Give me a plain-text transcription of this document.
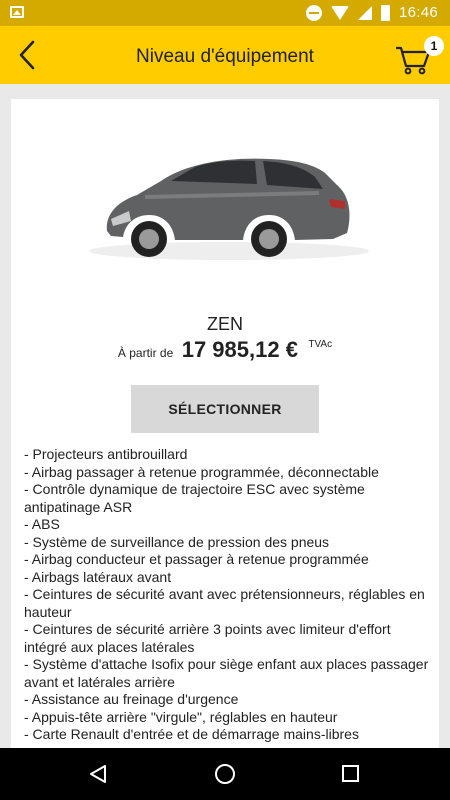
16:46
Niveau d'équipement	1
ZEN
À partir de 17 985,12 € $^{TVAc}$
SÉLECTIONNER
- Projecteurs antibrouillard
- Airbag passager à retenue programmée, déconnectable
- Contrôle dynamique de trajectoire ESC avec système antipatinage ASR
- ABS
- Système de surveillance de pression des pneus
- Airbag conducteur et passager à retenue programmée
- Airbags latéraux avant
- Ceintures de sécurité avant avec prétensionneurs, réglables en hauteur
- Ceintures de sécurité arrière 3 points avec limiteur d'effort intégré aux places latérales
- Système d'attache Isofix pour siège enfant aux places passager avant et latérales arrière
- Assistance au freinage d'urgence
- Appuis-tête arrière "virgule", réglables en hauteur
- Carte Renault d'entrée et de démarrage mains-libres
